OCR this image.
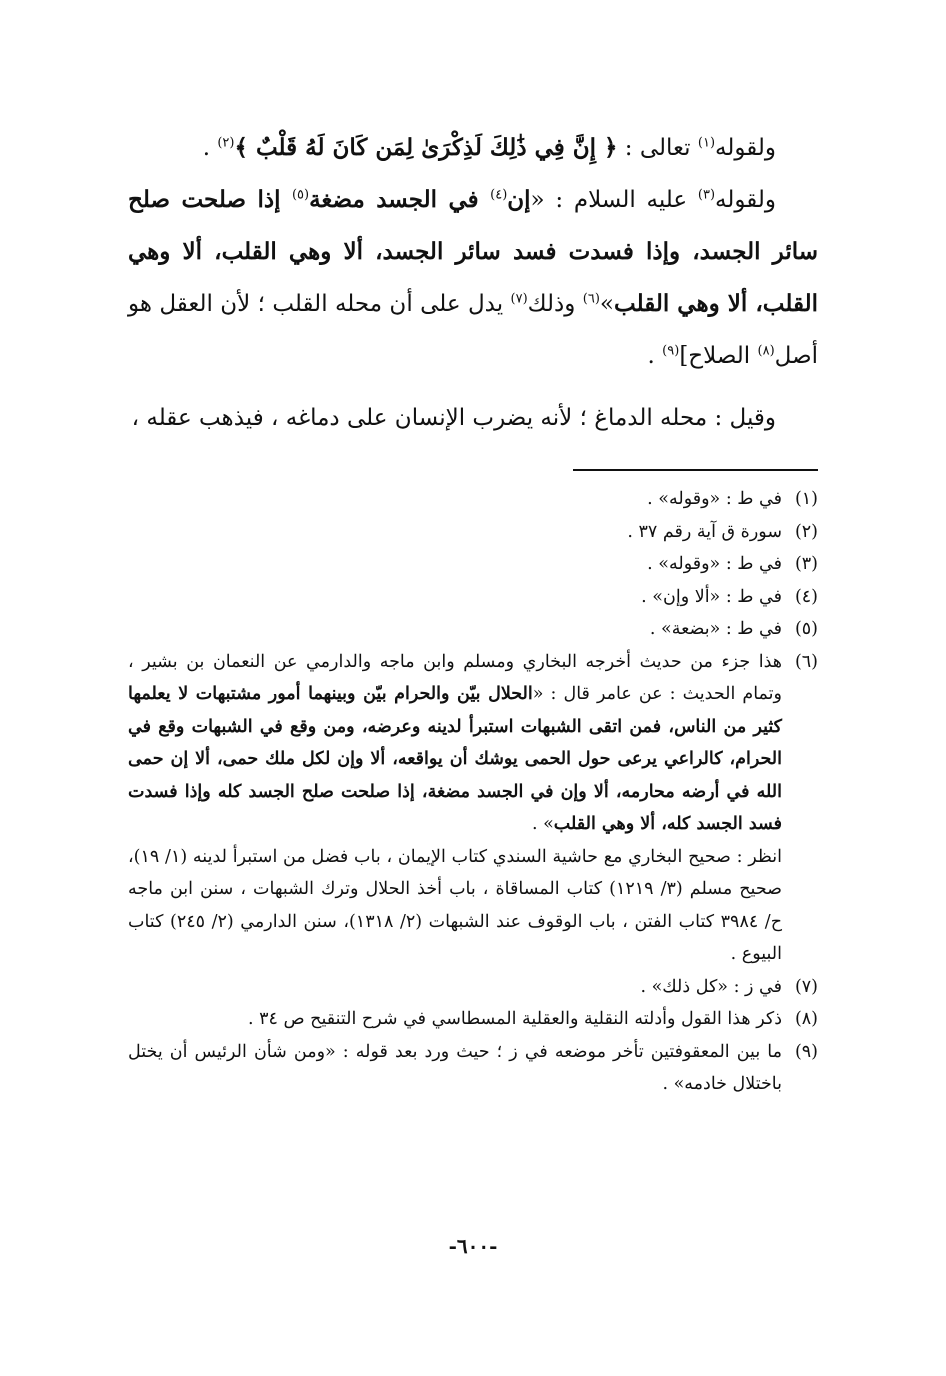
ولقوله$^{(١)}$ تعالى : ﴿ إِنَّ فِي ذَٰلِكَ لَذِكْرَىٰ لِمَن كَانَ لَهُ قَلْبٌ ﴾$^{(٢)}$ .

ولقوله$^{(٣)}$ عليه السلام : «إن$^{(٤)}$ في الجسد مضغة$^{(٥)}$ إذا صلحت صلح سائر الجسد، وإذا فسدت فسد سائر الجسد، ألا وهي القلب، ألا وهي القلب، ألا وهي القلب»$^{(٦)}$ وذلك$^{(٧)}$ يدل على أن محله القلب ؛ لأن العقل هو أصل$^{(٨)}$ الصلاح]$^{(٩)}$ .

وقيل : محله الدماغ ؛ لأنه يضرب الإنسان على دماغه ، فيذهب عقله ،

(١)
في ط : «وقوله» .
(٢)
سورة ق آية رقم ٣٧ .
(٣)
في ط : «وقوله» .
(٤)
في ط : «ألا وإن» .
(٥)
في ط : «بضعة» .
(٦)

هذا جزء من حديث أخرجه البخاري ومسلم وابن ماجه والدارمي عن النعمان بن بشير ، وتمام الحديث : عن عامر قال : «الحلال بيّن والحرام بيّن وبينهما أمور مشتبهات لا يعلمها كثير من الناس، فمن اتقى الشبهات استبرأ لدينه وعرضه، ومن وقع في الشبهات وقع في الحرام، كالراعي يرعى حول الحمى يوشك أن يواقعه، ألا وإن لكل ملك حمى، ألا إن حمى الله في أرضه محارمه، ألا وإن في الجسد مضغة، إذا صلحت صلح الجسد كله وإذا فسدت فسد الجسد كله، ألا وهي القلب» .

انظر : صحيح البخاري مع حاشية السندي كتاب الإيمان ، باب فضل من استبرأ لدينه (١/ ١٩)، صحيح مسلم (٣/ ١٢١٩) كتاب المساقاة ، باب أخذ الحلال وترك الشبهات ، سنن ابن ماجه ح/ ٣٩٨٤ كتاب الفتن ، باب الوقوف عند الشبهات (٢/ ١٣١٨)، سنن الدارمي (٢/ ٢٤٥) كتاب البيوع .

(٧)
في ز : «كل ذلك» .
(٨)
ذكر هذا القول وأدلته النقلية والعقلية المسطاسي في شرح التنقيح ص ٣٤ .
(٩)
ما بين المعقوفتين تأخر موضعه في ز ؛ حيث ورد بعد قوله : «ومن شأن الرئيس أن يختل باختلال خادمه» .
-٦٠٠-
